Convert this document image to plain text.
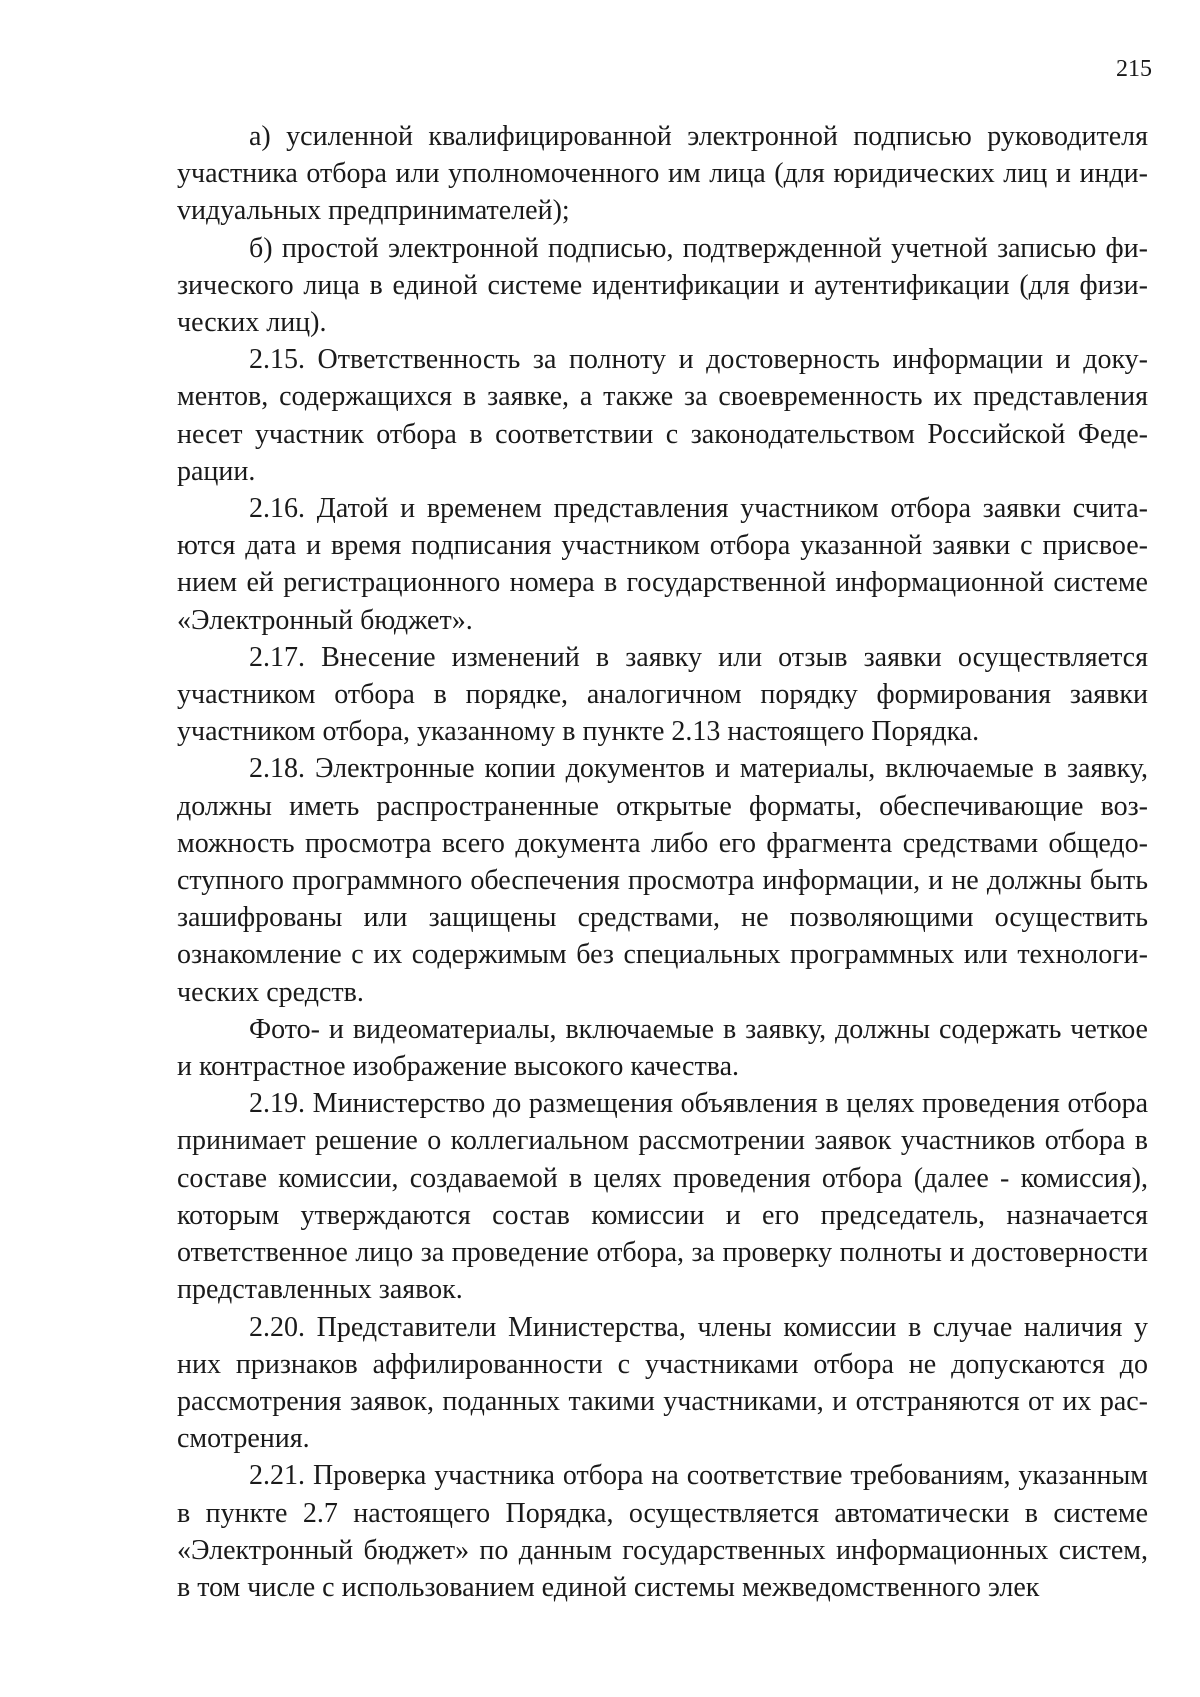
215

а) усиленной квалифицированной электронной подписью руководителя участника отбора или уполномоченного им лица (для юридических лиц и индиvидуальных предпринимателей);

б) простой электронной подписью, подтвержденной учетной записью физического лица в единой системе идентификации и аутентификации (для физических лиц).

2.15. Ответственность за полноту и достоверность информации и документов, содержащихся в заявке, а также за своевременность их представления несет участник отбора в соответствии с законодательством Российской Федерации.

2.16. Датой и временем представления участником отбора заявки считаются дата и время подписания участником отбора указанной заявки с присвоением ей регистрационного номера в государственной информационной системе «Электронный бюджет».

2.17. Внесение изменений в заявку или отзыв заявки осуществляется участником отбора в порядке, аналогичном порядку формирования заявки участником отбора, указанному в пункте 2.13 настоящего Порядка.

2.18. Электронные копии документов и материалы, включаемые в заявку, должны иметь распространенные открытые форматы, обеспечивающие возможность просмотра всего документа либо его фрагмента средствами общедоступного программного обеспечения просмотра информации, и не должны быть зашифрованы или защищены средствами, не позволяющими осуществить ознакомление с их содержимым без специальных программных или технологических средств.

Фото- и видеоматериалы, включаемые в заявку, должны содержать четкое и контрастное изображение высокого качества.

2.19. Министерство до размещения объявления в целях проведения отбора принимает решение о коллегиальном рассмотрении заявок участников отбора в составе комиссии, создаваемой в целях проведения отбора (далее - комиссия), которым утверждаются состав комиссии и его председатель, назначается ответственное лицо за проведение отбора, за проверку полноты и достоверности представленных заявок.

2.20. Представители Министерства, члены комиссии в случае наличия у них признаков аффилированности с участниками отбора не допускаются до рассмотрения заявок, поданных такими участниками, и отстраняются от их рассмотрения.

2.21. Проверка участника отбора на соответствие требованиям, указанным в пункте 2.7 настоящего Порядка, осуществляется автоматически в системе «Электронный бюджет» по данным государственных информационных систем, в том числе с использованием единой системы межведомственного элек
